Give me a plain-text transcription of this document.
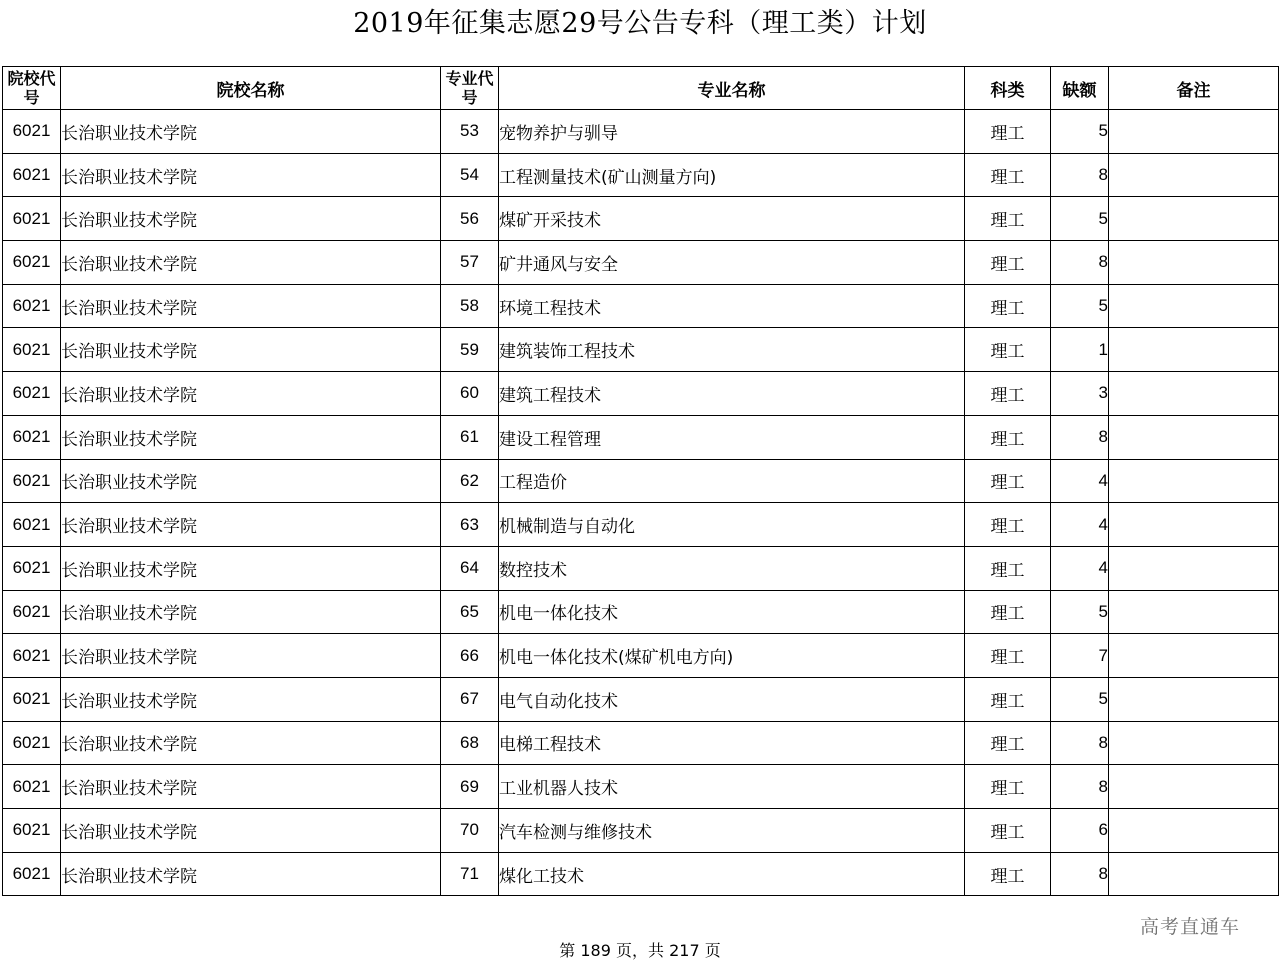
2019年征集志愿29号公告专科（理工类）计划
院校代号	院校名称	专业代号	专业名称	科类	缺额	备注
6021	长治职业技术学院	53	宠物养护与驯导	理工	5	
6021	长治职业技术学院	54	工程测量技术(矿山测量方向)	理工	8	
6021	长治职业技术学院	56	煤矿开采技术	理工	5	
6021	长治职业技术学院	57	矿井通风与安全	理工	8	
6021	长治职业技术学院	58	环境工程技术	理工	5	
6021	长治职业技术学院	59	建筑装饰工程技术	理工	1	
6021	长治职业技术学院	60	建筑工程技术	理工	3	
6021	长治职业技术学院	61	建设工程管理	理工	8	
6021	长治职业技术学院	62	工程造价	理工	4	
6021	长治职业技术学院	63	机械制造与自动化	理工	4	
6021	长治职业技术学院	64	数控技术	理工	4	
6021	长治职业技术学院	65	机电一体化技术	理工	5	
6021	长治职业技术学院	66	机电一体化技术(煤矿机电方向)	理工	7	
6021	长治职业技术学院	67	电气自动化技术	理工	5	
6021	长治职业技术学院	68	电梯工程技术	理工	8	
6021	长治职业技术学院	69	工业机器人技术	理工	8	
6021	长治职业技术学院	70	汽车检测与维修技术	理工	6	
6021	长治职业技术学院	71	煤化工技术	理工	8	
高考直通车
第 189 页，共 217 页
